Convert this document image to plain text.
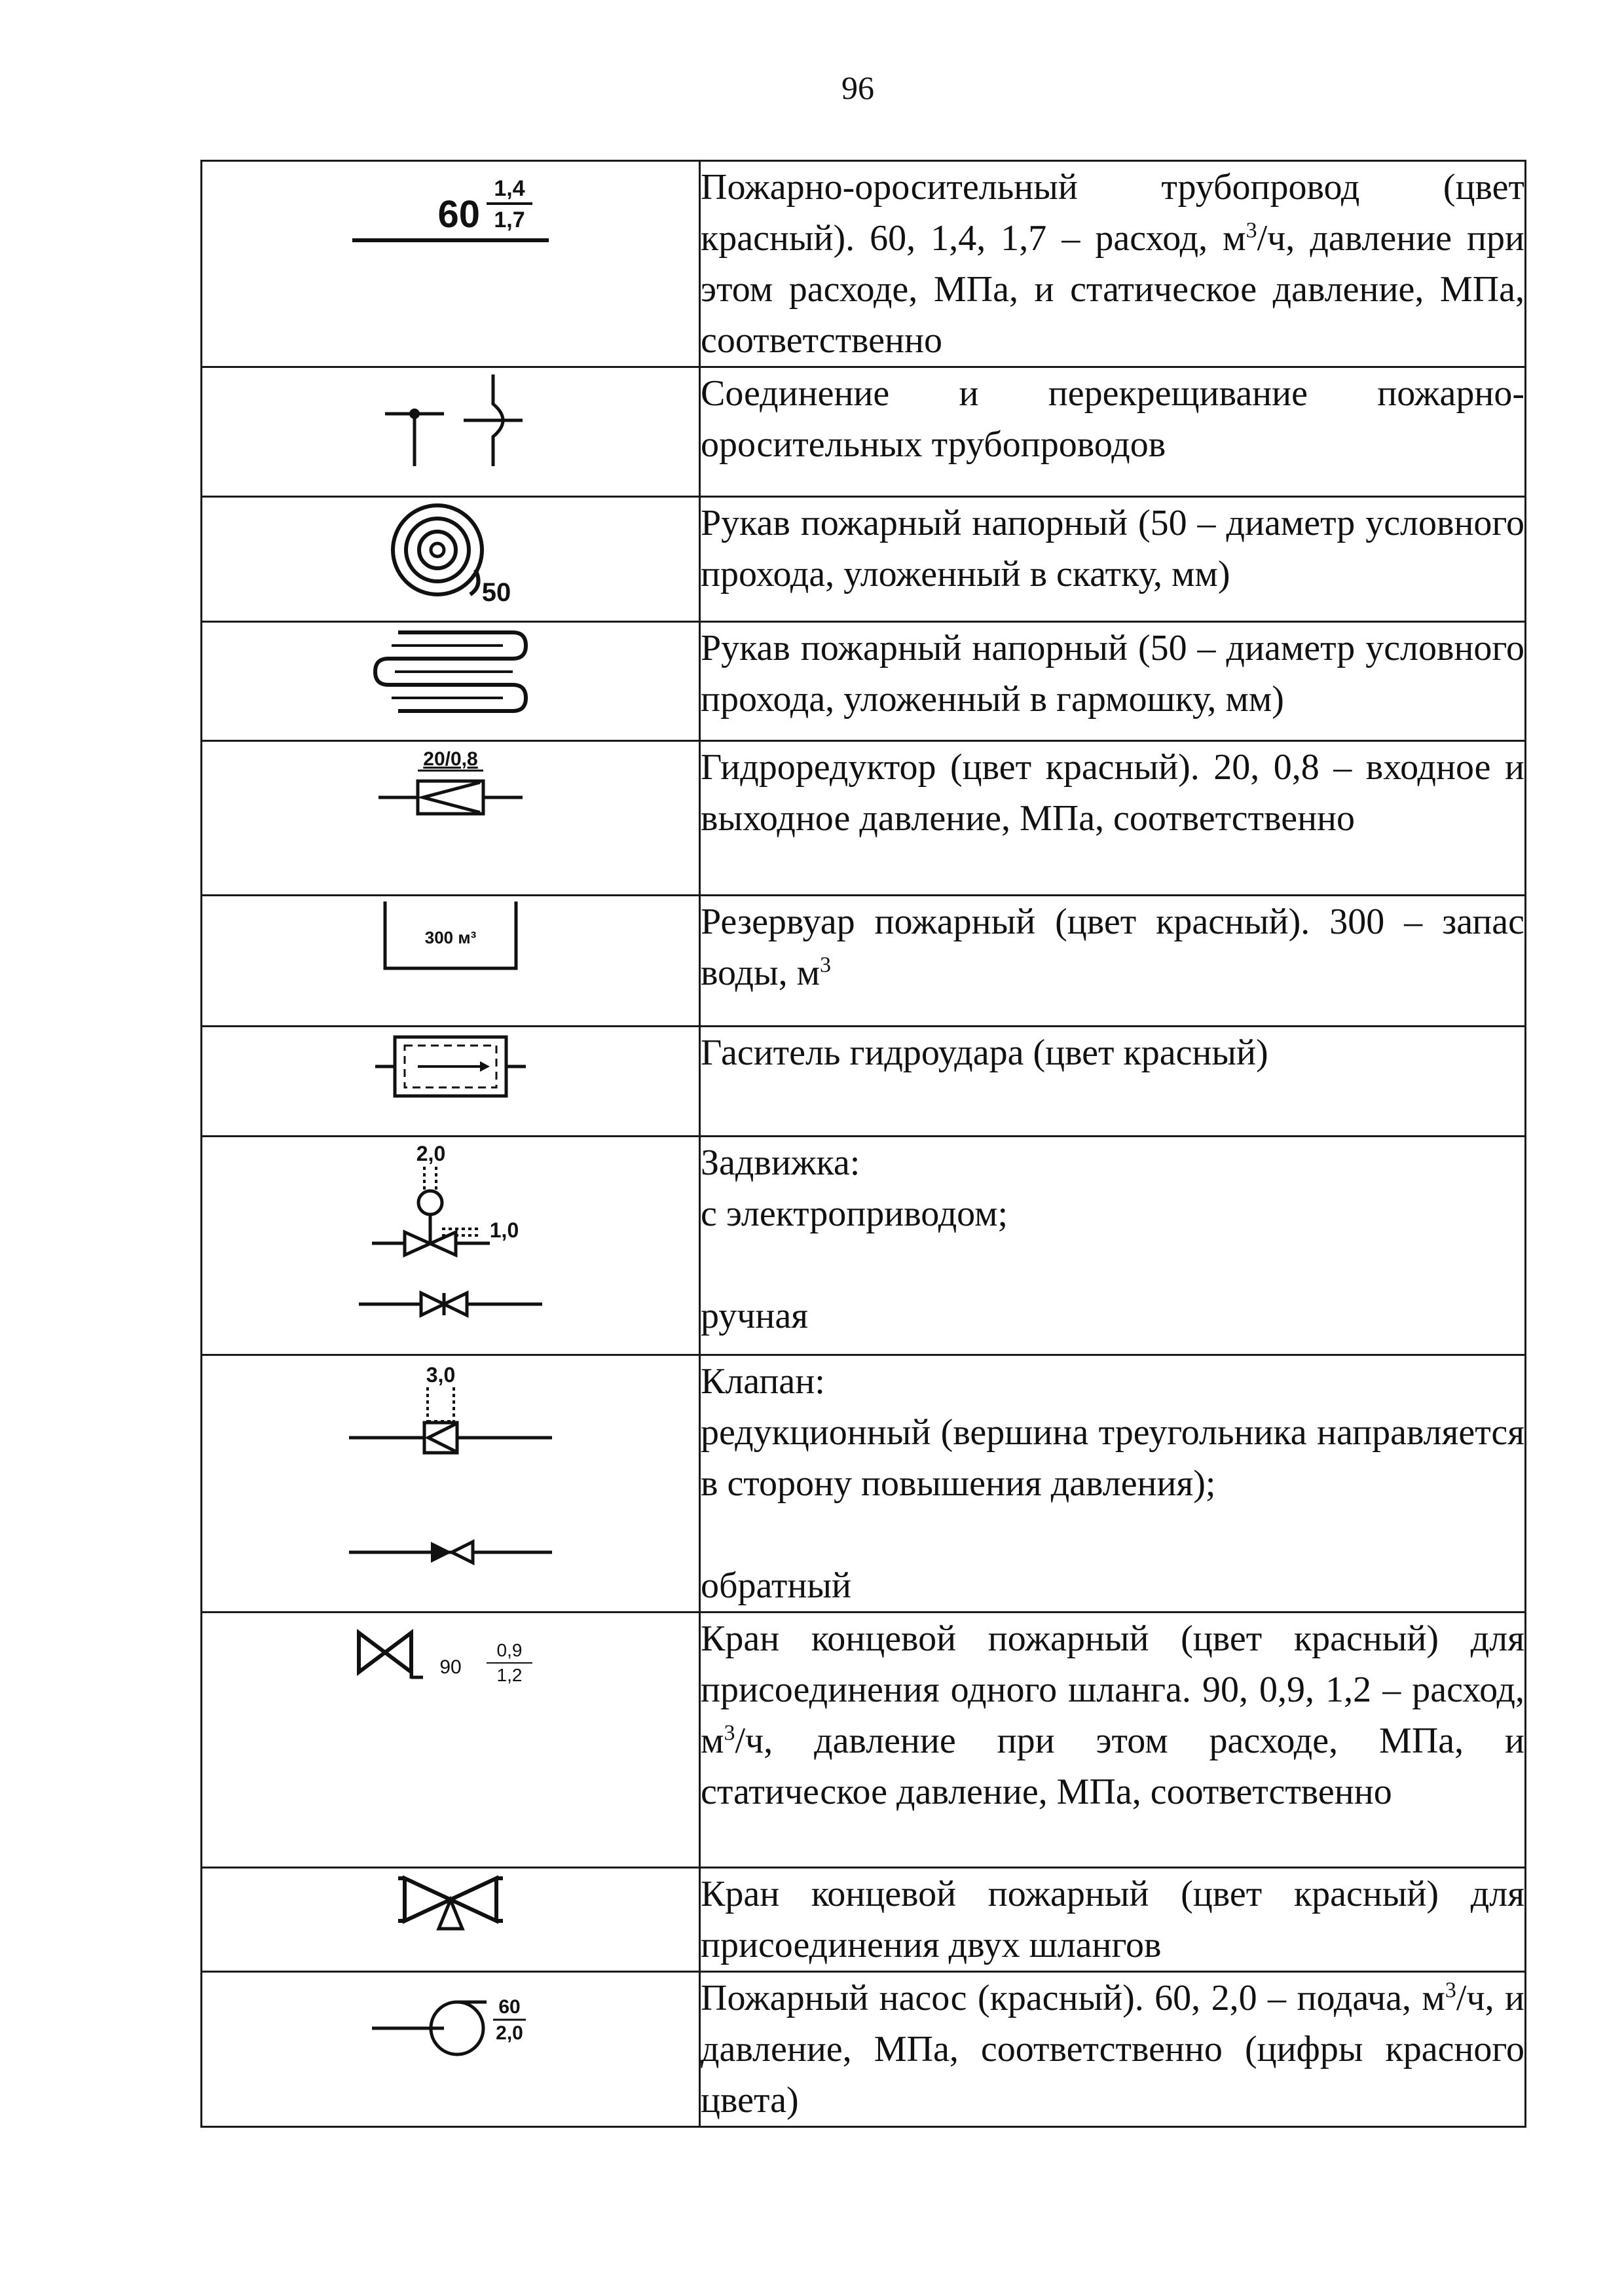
96
60
1,4
1,7	Пожарно-оросительный трубопровод (цвет красный). 60, 1,4, 1,7 – расход, $м^3/ч$, давление при этом расходе, МПа, и статическое давление, МПа, соответственно

	Соединение и перекрещивание пожарно-оросительных трубопроводов

50	Рукав пожарный напорный (50 – диаметр условного прохода, уложенный в скатку, мм)

	Рукав пожарный напорный (50 – диаметр условного прохода, уложенный в гармошку, мм)

20/0,8	Гидроредуктор (цвет красный). 20, 0,8 – входное и выходное давление, МПа, соответственно

300 м³	Резервуар пожарный (цвет красный). 300 – запас воды, $м^3$

	Гаситель гидроудара (цвет красный)

2,0
1,0	Задвижка:
с электроприводом;
ручная

3,0	Клапан:
редукционный (вершина треугольника направляется в сторону повышения давления);
обратный

90
0,9
1,2	Кран концевой пожарный (цвет красный) для присоединения одного шланга. 90, 0,9, 1,2 – расход, $м^3/ч$, давление при этом расходе, МПа, и статическое давление, МПа, соответственно

	Кран концевой пожарный (цвет красный) для присоединения двух шлангов

60
2,0	Пожарный насос (красный). 60, 2,0 – подача, $м^3/ч$, и давление, МПа, соответственно (цифры красного цвета)
